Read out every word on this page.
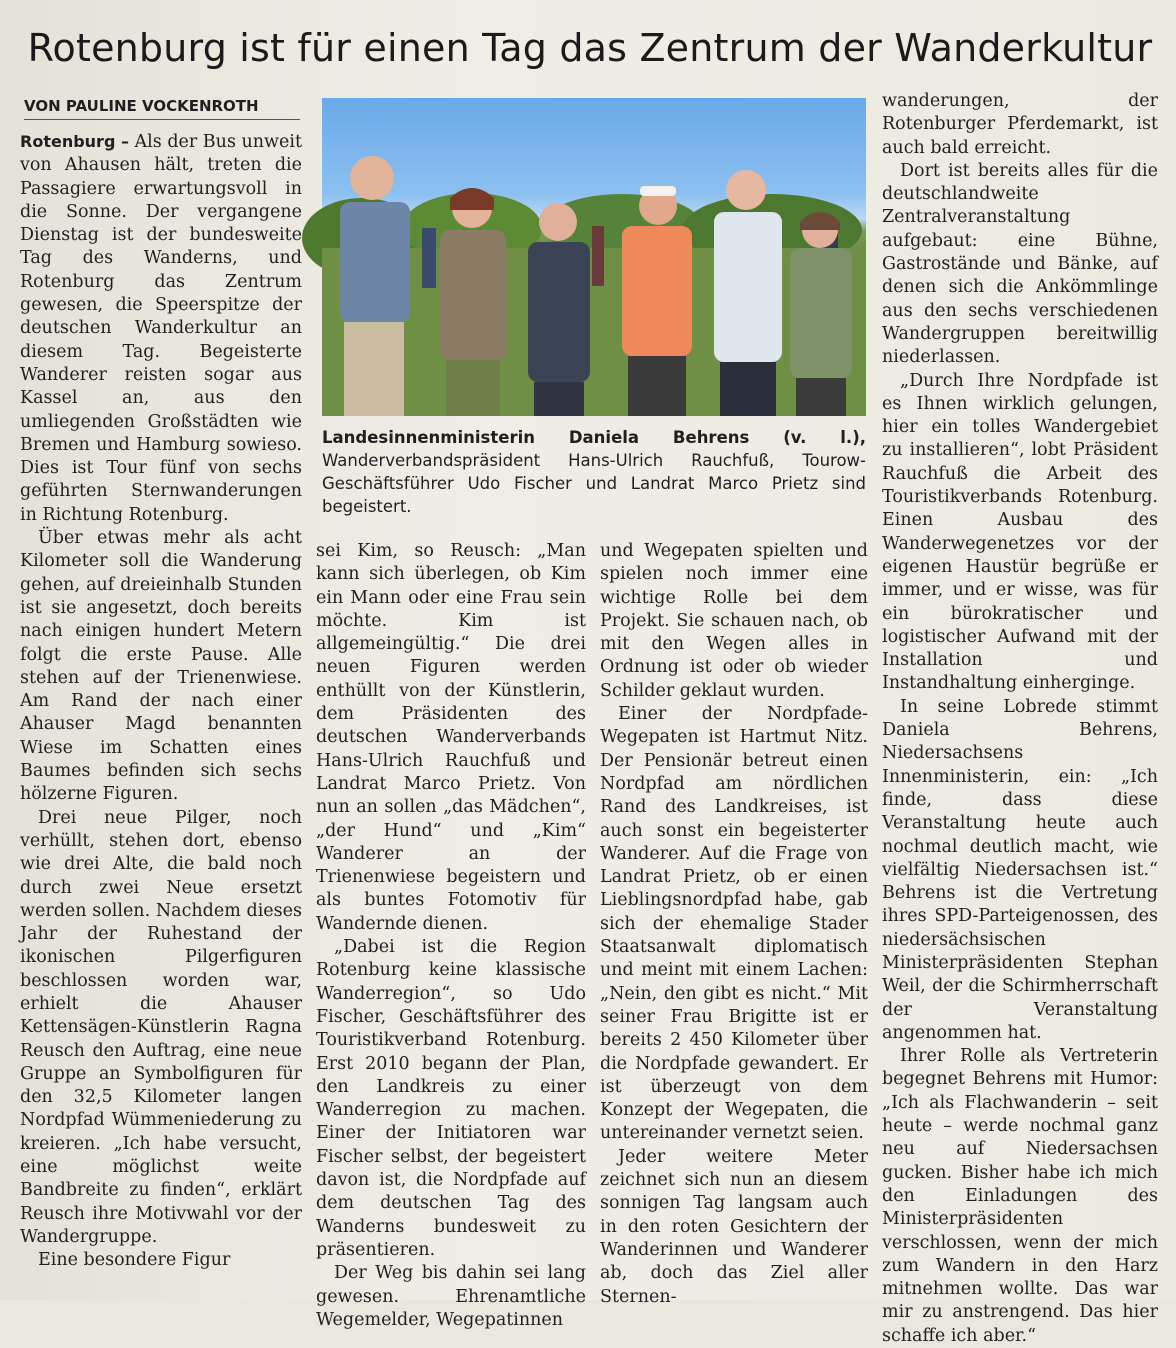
Rotenburg ist für einen Tag das Zentrum der Wanderkultur
VON PAULINE VOCKENROTH

Rotenburg – Als der Bus unweit von Ahausen hält, treten die Passagiere erwartungsvoll in die Sonne. Der vergangene Dienstag ist der bundesweite Tag des Wanderns, und Rotenburg das Zentrum gewesen, die Speerspitze der deutschen Wanderkultur an diesem Tag. Begeisterte Wanderer reisten sogar aus Kassel an, aus den umliegenden Großstädten wie Bremen und Hamburg sowieso. Dies ist Tour fünf von sechs geführten Sternwanderungen in Richtung Rotenburg.

Über etwas mehr als acht Kilometer soll die Wanderung gehen, auf dreieinhalb Stunden ist sie angesetzt, doch bereits nach einigen hundert Metern folgt die erste Pause. Alle stehen auf der Trienenwiese. Am Rand der nach einer Ahauser Magd benannten Wiese im Schatten eines Baumes befinden sich sechs hölzerne Figuren.

Drei neue Pilger, noch verhüllt, stehen dort, ebenso wie drei Alte, die bald noch durch zwei Neue ersetzt werden sollen. Nachdem dieses Jahr der Ruhestand der ikonischen Pilgerfiguren beschlossen worden war, erhielt die Ahauser Kettensägen-Künstlerin Ragna Reusch den Auftrag, eine neue Gruppe an Symbolfiguren für den 32,5 Kilometer langen Nordpfad Wümmeniederung zu kreieren. „Ich habe versucht, eine möglichst weite Bandbreite zu finden“, erklärt Reusch ihre Motivwahl vor der Wandergruppe.

Eine besondere Figur

Landesinnenministerin Daniela Behrens (v. l.), Wanderverbandspräsident Hans-Ulrich Rauchfuß, Tourow-Geschäftsführer Udo Fischer und Landrat Marco Prietz sind begeistert.

sei Kim, so Reusch: „Man kann sich überlegen, ob Kim ein Mann oder eine Frau sein möchte. Kim ist allgemeingültig.“ Die drei neuen Figuren werden enthüllt von der Künstlerin, dem Präsidenten des deutschen Wanderverbands Hans-Ulrich Rauchfuß und Landrat Marco Prietz. Von nun an sollen „das Mädchen“, „der Hund“ und „Kim“ Wanderer an der Trienenwiese begeistern und als buntes Fotomotiv für Wandernde dienen.

„Dabei ist die Region Rotenburg keine klassische Wanderregion“, so Udo Fischer, Geschäftsführer des Touristikverband Rotenburg. Erst 2010 begann der Plan, den Landkreis zu einer Wanderregion zu machen. Einer der Initiatoren war Fischer selbst, der begeistert davon ist, die Nordpfade auf dem deutschen Tag des Wanderns bundesweit zu präsentieren.

Der Weg bis dahin sei lang gewesen. Ehrenamtliche Wegemelder, Wegepatinnen

und Wegepaten spielten und spielen noch immer eine wichtige Rolle bei dem Projekt. Sie schauen nach, ob mit den Wegen alles in Ordnung ist oder ob wieder Schilder geklaut wurden.

Einer der Nordpfade-Wegepaten ist Hartmut Nitz. Der Pensionär betreut einen Nordpfad am nördlichen Rand des Landkreises, ist auch sonst ein begeisterter Wanderer. Auf die Frage von Landrat Prietz, ob er einen Lieblingsnordpfad habe, gab sich der ehemalige Stader Staatsanwalt diplomatisch und meint mit einem Lachen: „Nein, den gibt es nicht.“ Mit seiner Frau Brigitte ist er bereits 2 450 Kilometer über die Nordpfade gewandert. Er ist überzeugt von dem Konzept der Wegepaten, die untereinander vernetzt seien.

Jeder weitere Meter zeichnet sich nun an diesem sonnigen Tag langsam auch in den roten Gesichtern der Wanderinnen und Wanderer ab, doch das Ziel aller Sternen-

wanderungen, der Rotenburger Pferdemarkt, ist auch bald erreicht.

Dort ist bereits alles für die deutschlandweite Zentralveranstaltung aufgebaut: eine Bühne, Gastrostände und Bänke, auf denen sich die Ankömmlinge aus den sechs verschiedenen Wandergruppen bereitwillig niederlassen.

„Durch Ihre Nordpfade ist es Ihnen wirklich gelungen, hier ein tolles Wandergebiet zu installieren“, lobt Präsident Rauchfuß die Arbeit des Touristikverbands Rotenburg. Einen Ausbau des Wanderwegenetzes vor der eigenen Haustür begrüße er immer, und er wisse, was für ein bürokratischer und logistischer Aufwand mit der Installation und Instandhaltung einherginge.

In seine Lobrede stimmt Daniela Behrens, Niedersachsens Innenministerin, ein: „Ich finde, dass diese Veranstaltung heute auch nochmal deutlich macht, wie vielfältig Niedersachsen ist.“ Behrens ist die Vertretung ihres SPD-Parteigenossen, des niedersächsischen Ministerpräsidenten Stephan Weil, der die Schirmherrschaft der Veranstaltung angenommen hat.

Ihrer Rolle als Vertreterin begegnet Behrens mit Humor: „Ich als Flachwanderin – seit heute – werde nochmal ganz neu auf Niedersachsen gucken. Bisher habe ich mich den Einladungen des Ministerpräsidenten verschlossen, wenn der mich zum Wandern in den Harz mitnehmen wollte. Das war mir zu anstrengend. Das hier schaffe ich aber.“
